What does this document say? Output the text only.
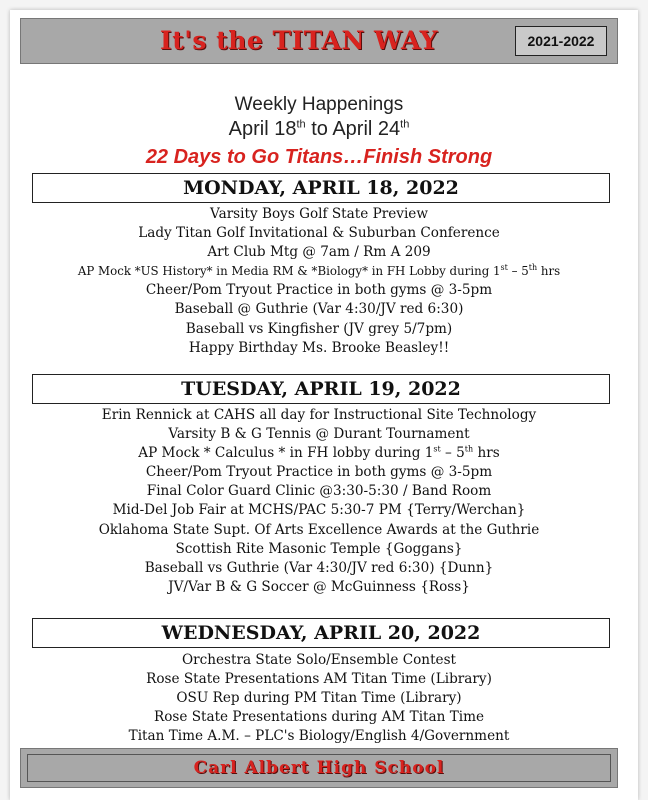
It's the TITAN WAY	2021-2022
Weekly Happenings
April 18th to April 24th
22 Days to Go Titans…Finish Strong
MONDAY, APRIL 18, 2022
Varsity Boys Golf State Preview
Lady Titan Golf Invitational & Suburban Conference
Art Club Mtg @ 7am / Rm A 209
AP Mock *US History* in Media RM & *Biology* in FH Lobby during 1st – 5th hrs
Cheer/Pom Tryout Practice in both gyms @ 3-5pm
Baseball @ Guthrie (Var 4:30/JV red 6:30)
Baseball vs Kingfisher (JV grey 5/7pm)
Happy Birthday Ms. Brooke Beasley!!
TUESDAY, APRIL 19, 2022
Erin Rennick at CAHS all day for Instructional Site Technology
Varsity B & G Tennis @ Durant Tournament
AP Mock * Calculus * in FH lobby during 1st – 5th hrs
Cheer/Pom Tryout Practice in both gyms @ 3-5pm
Final Color Guard Clinic @3:30-5:30 / Band Room
Mid-Del Job Fair at MCHS/PAC 5:30-7 PM {Terry/Werchan}
Oklahoma State Supt. Of Arts Excellence Awards at the Guthrie
Scottish Rite Masonic Temple {Goggans}
Baseball vs Guthrie (Var 4:30/JV red 6:30) {Dunn}
JV/Var B & G Soccer @ McGuinness {Ross}
WEDNESDAY, APRIL 20, 2022
Orchestra State Solo/Ensemble Contest
Rose State Presentations AM Titan Time (Library)
OSU Rep during PM Titan Time (Library)
Rose State Presentations during AM Titan Time
Titan Time A.M. – PLC's Biology/English 4/Government
Carl Albert High School
